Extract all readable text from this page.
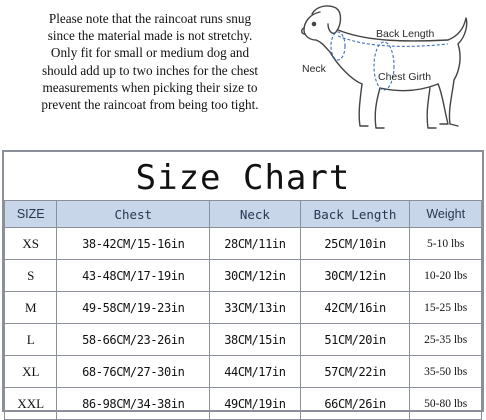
Please note that the raincoat runs snug
since the material made is not stretchy.
Only fit for small or medium dog and
should add up to two inches for the chest
measurements when picking their size to
prevent the raincoat from being too tight.
Back Length
Neck
Chest Girth
Size Chart
SIZE	Chest	Neck	Back Length	Weight
XS	38-42CM/15-16in	28CM/11in	25CM/10in	5-10 lbs
S	43-48CM/17-19in	30CM/12in	30CM/12in	10-20 lbs
M	49-58CM/19-23in	33CM/13in	42CM/16in	15-25 lbs
L	58-66CM/23-26in	38CM/15in	51CM/20in	25-35 lbs
XL	68-76CM/27-30in	44CM/17in	57CM/22in	35-50 lbs
XXL	86-98CM/34-38in	49CM/19in	66CM/26in	50-80 lbs
